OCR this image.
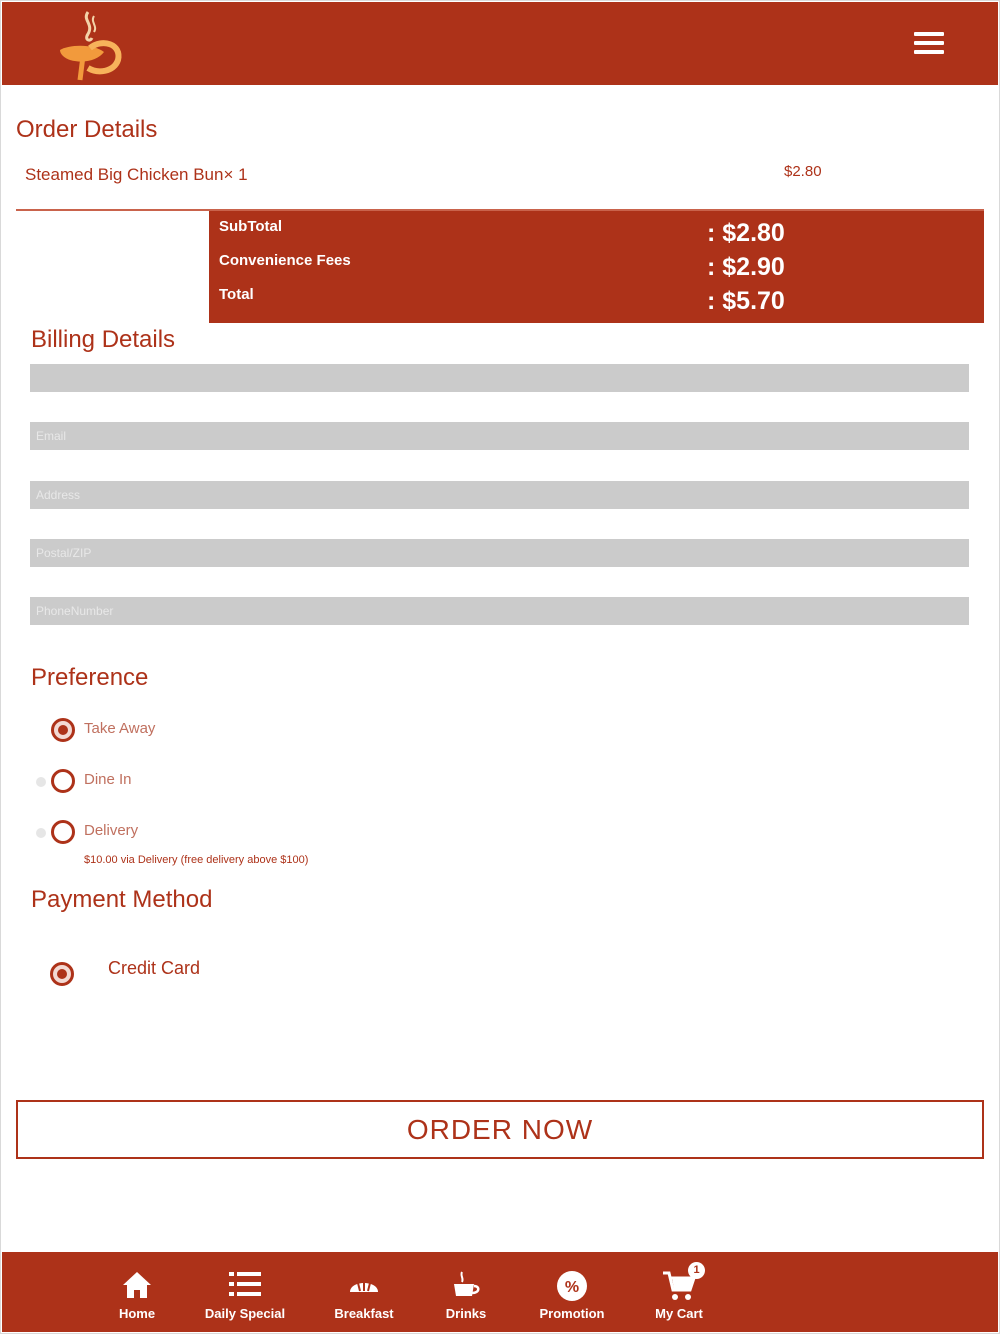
Order Details
Steamed Big Chicken Bun× 1	$2.80
SubTotal	: $2.80
Convenience Fees	: $2.90
Total	: $5.70
Billing Details
Email
Address
Postal/ZIP
PhoneNumber
Preference
Take Away
Dine In
Delivery
$10.00 via Delivery (free delivery above $100)
Payment Method
Credit Card
ORDER NOW
Home	Daily Special	Breakfast	Drinks
%
Promotion
1
My Cart
